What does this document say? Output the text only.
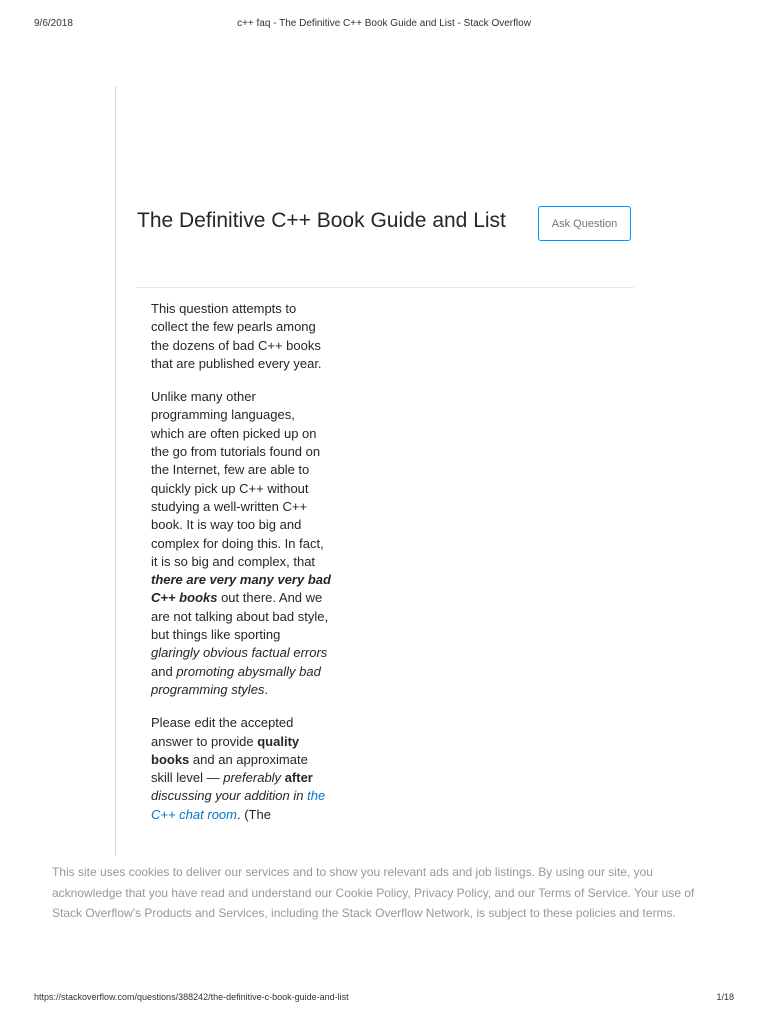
9/6/2018	c++ faq - The Definitive C++ Book Guide and List - Stack Overflow
The Definitive C++ Book Guide and List	Ask Question

This question attempts to collect the few pearls among the dozens of bad C++ books that are published every year.

Unlike many other programming languages, which are often picked up on the go from tutorials found on the Internet, few are able to quickly pick up C++ without studying a well-written C++ book. It is way too big and complex for doing this. In fact, it is so big and complex, that there are very many very bad C++ books out there. And we are not talking about bad style, but things like sporting glaringly obvious factual errors and promoting abysmally bad programming styles.

Please edit the accepted answer to provide quality books and an approximate skill level — preferably after discussing your addition in the C++ chat room. (The

This site uses cookies to deliver our services and to show you relevant ads and job listings. By using our site, you acknowledge that you have read and understand our Cookie Policy, Privacy Policy, and our Terms of Service. Your use of Stack Overflow's Products and Services, including the Stack Overflow Network, is subject to these policies and terms.
https://stackoverflow.com/questions/388242/the-definitive-c-book-guide-and-list	1/18
